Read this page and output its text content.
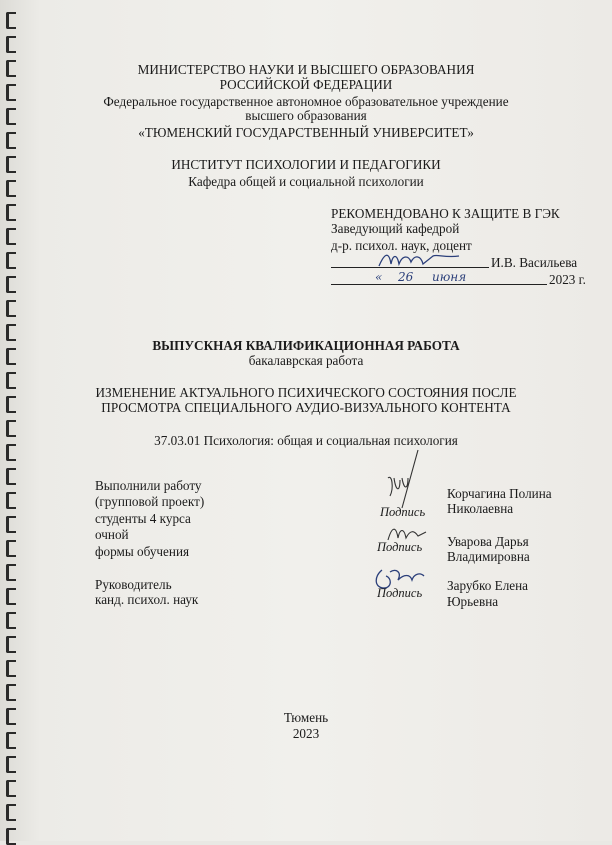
МИНИСТЕРСТВО НАУКИ И ВЫСШЕГО ОБРАЗОВАНИЯ
РОССИЙСКОЙ ФЕДЕРАЦИИ
Федеральное государственное автономное образовательное учреждение
высшего образования
«ТЮМЕНСКИЙ ГОСУДАРСТВЕННЫЙ УНИВЕРСИТЕТ»
ИНСТИТУТ ПСИХОЛОГИИ И ПЕДАГОГИКИ
Кафедра общей и социальной психологии
РЕКОМЕНДОВАНО К ЗАЩИТЕ В ГЭК
Заведующий кафедрой
д-р. психол. наук, доцент
И.В. Васильева
« 26 июня	2023 г.
ВЫПУСКНАЯ КВАЛИФИКАЦИОННАЯ РАБОТА
бакалаврская работа
ИЗМЕНЕНИЕ АКТУАЛЬНОГО ПСИХИЧЕСКОГО СОСТОЯНИЯ ПОСЛЕ
ПРОСМОТРА СПЕЦИАЛЬНОГО АУДИО-ВИЗУАЛЬНОГО КОНТЕНТА
37.03.01 Психология: общая и социальная психология
Выполнили работу
(групповой проект)
студенты 4 курса
очной
формы обучения
Подпись
Корчагина Полина
Николаевна
Подпись Уварова Дарья
Владимировна
Руководитель
канд. психол. наук	Подпись Зарубко Елена
Юрьевна
Тюмень
2023
